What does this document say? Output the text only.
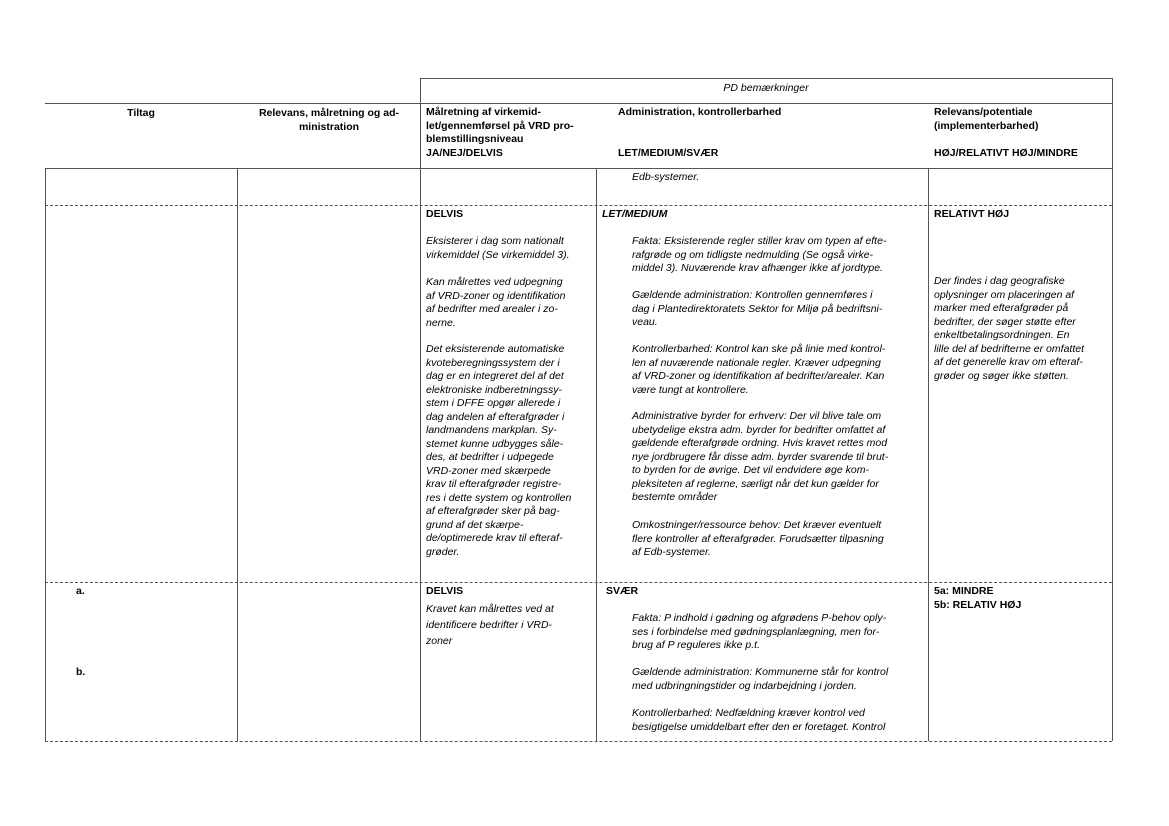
PD bemærkninger
Tiltag	Relevans, målretning og ad-
ministration
Målretning af virkemid-
let/gennemførsel på VRD pro-
blemstillingsniveau
JA/NEJ/DELVIS
Administration, kontrollerbarhed
LET/MEDIUM/SVÆR
Relevans/potentiale
(implementerbarhed)
HØJ/RELATIVT HØJ/MINDRE
Edb-systemer.
DELVIS
Eksisterer i dag som nationalt
virkemiddel (Se virkemiddel 3).
Kan målrettes ved udpegning
af VRD-zoner og identifikation
af bedrifter med arealer i zo-
nerne.
Det eksisterende automatiske
kvoteberegningssystem der i
dag er en integreret del af det
elektroniske indberetningssy-
stem i DFFE opgør allerede i
dag andelen af efterafgrøder i
landmandens markplan. Sy-
stemet kunne udbygges såle-
des, at bedrifter i udpegede
VRD-zoner med skærpede
krav til efterafgrøder registre-
res i dette system og kontrollen
af efterafgrøder sker på bag-
grund af det skærpe-
de/optimerede krav til efteraf-
grøder.
LET/MEDIUM
Fakta: Eksisterende regler stiller krav om typen af efte-
rafgrøde og om tidligste nedmulding (Se også virke-
middel 3). Nuværende krav afhænger ikke af jordtype.
Gældende administration: Kontrollen gennemføres i
dag i Plantedirektoratets Sektor for Miljø på bedriftsni-
veau.
Kontrollerbarhed: Kontrol kan ske på linie med kontrol-
len af nuværende nationale regler. Kræver udpegning
af VRD-zoner og identifikation af bedrifter/arealer. Kan
være tungt at kontrollere.
Administrative byrder for erhverv: Der vil blive tale om
ubetydelige ekstra adm. byrder for bedrifter omfattet af
gældende efterafgrøde ordning. Hvis kravet rettes mod
nye jordbrugere får disse adm. byrder svarende til brut-
to byrden for de øvrige. Det vil endvidere øge kom-
pleksiteten af reglerne, særligt når det kun gælder for
bestemte områder
Omkostninger/ressource behov: Det kræver eventuelt
flere kontroller af efterafgrøder. Forudsætter tilpasning
af Edb-systemer.
RELATIVT HØJ
Der findes i dag geografiske
oplysninger om placeringen af
marker med efterafgrøder på
bedrifter, der søger støtte efter
enkeltbetalingsordningen. En
lille del af bedrifterne er omfattet
af det generelle krav om efteraf-
grøder og søger ikke støtten.
a.
b.
DELVIS
Kravet kan målrettes ved at
identificere bedrifter i VRD-
zoner
SVÆR
Fakta: P indhold i gødning og afgrødens P-behov oply-
ses i forbindelse med gødningsplanlægning, men for-
brug af P reguleres ikke p.t.
Gældende administration: Kommunerne står for kontrol
med udbringningstider og indarbejdning i jorden.
Kontrollerbarhed: Nedfældning kræver kontrol ved
besigtigelse umiddelbart efter den er foretaget. Kontrol
5a: MINDRE
5b: RELATIV HØJ
